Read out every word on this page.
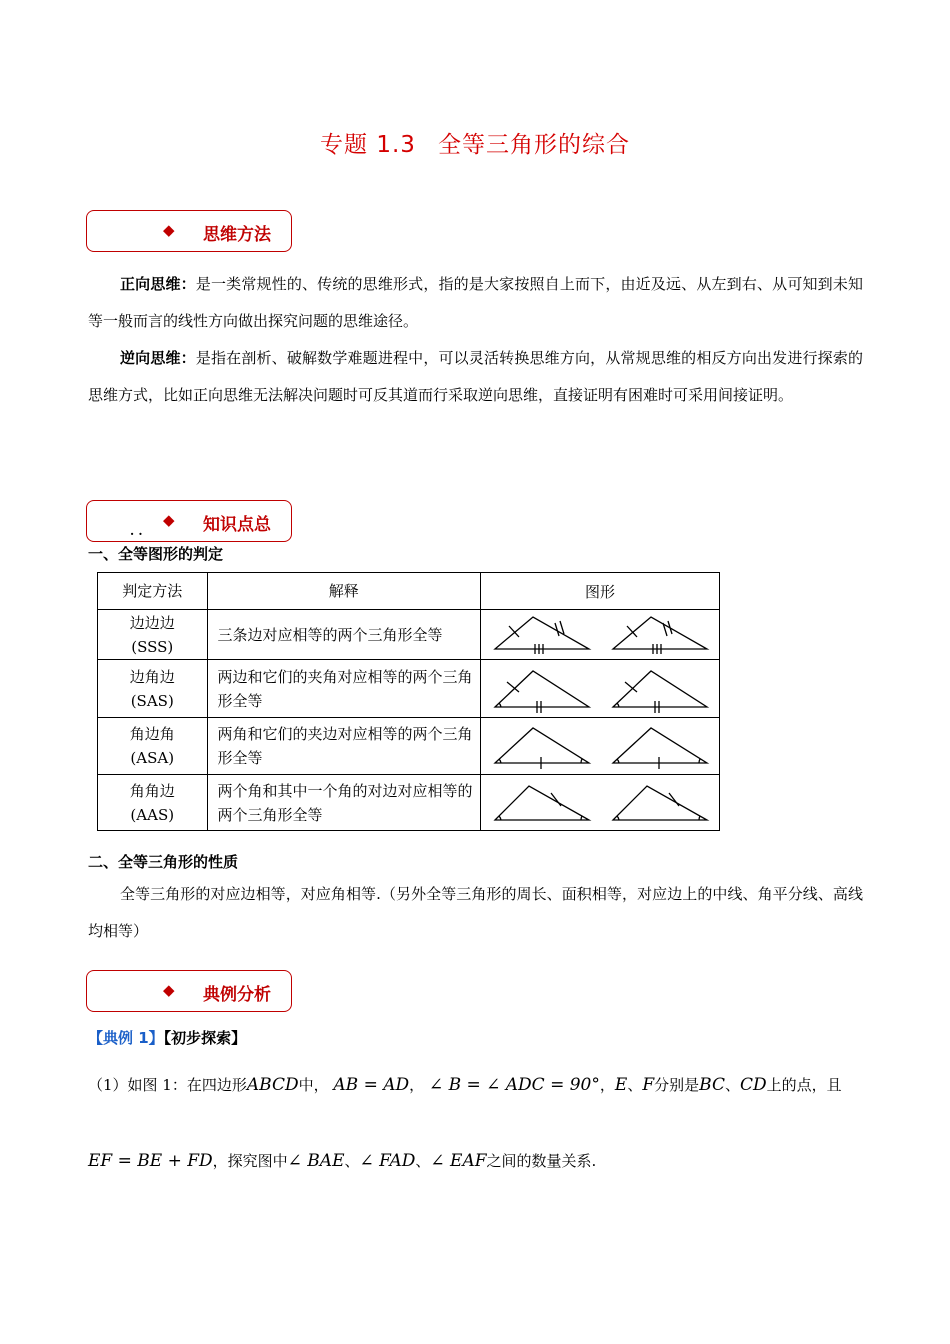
专题 1.3 全等三角形的综合
◆ 思维方法
正向思维：是一类常规性的、传统的思维形式，指的是大家按照自上而下，由近及远、从左到右、从可知到未知等一般而言的线性方向做出探究问题的思维途径。
逆向思维：是指在剖析、破解数学难题进程中，可以灵活转换思维方向，从常规思维的相反方向出发进行探索的思维方式，比如正向思维无法解决问题时可反其道而行采取逆向思维，直接证明有困难时可采用间接证明。
◆ 知识点总
· ·
一、全等图形的判定
判定方法	解释	图形
边边边
(SSS)	三条边对应相等的两个三角形全等	

边角边
(SAS)	两边和它们的夹角对应相等的两个三角形全等	

角边角
(ASA)	两角和它们的夹边对应相等的两个三角形全等	

角角边
(AAS)	两个角和其中一个角的对边对应相等的两个三角形全等	
二、全等三角形的性质
全等三角形的对应边相等，对应角相等.（另外全等三角形的周长、面积相等，对应边上的中线、角平分线、高线均相等）
◆ 典例分析
【典例 1】【初步探索】
（1）如图 1：在四边形ABCD中， AB = AD， ∠ B = ∠ ADC = 90°，E、F分别是BC、CD上的点，且
EF = BE + FD，探究图中∠ BAE、∠ FAD、∠ EAF之间的数量关系.
